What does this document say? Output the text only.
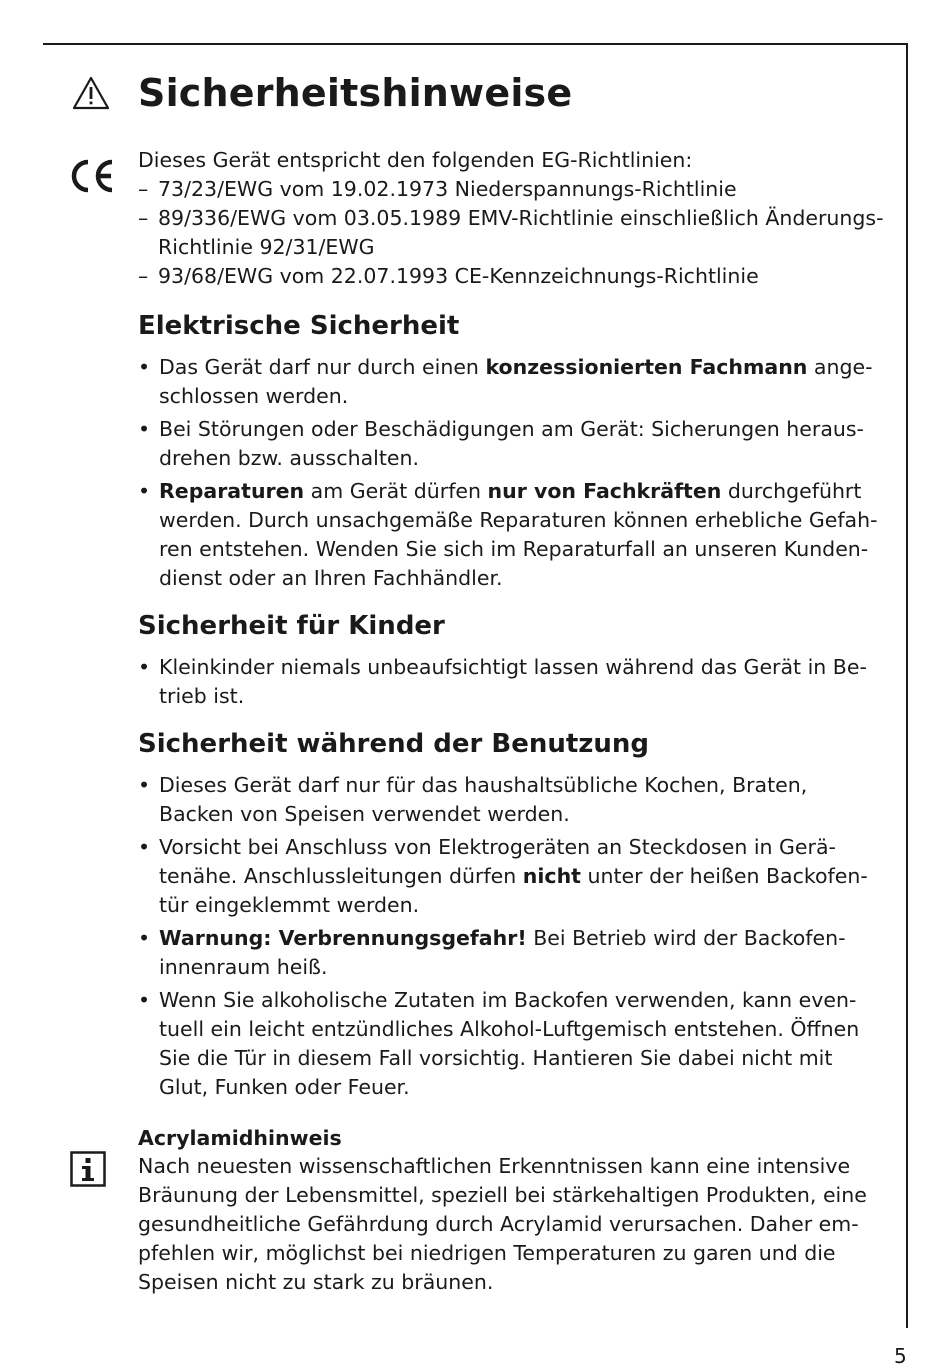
Sicherheitshinweise

Dieses Gerät entspricht den folgenden EG-Richtlinien:

– 73/23/EWG vom 19.02.1973 Niederspannungs-Richtlinie
– 89/336/EWG vom 03.05.1989 EMV-Richtlinie einschließlich Änderungs-Richtlinie 92/31/EWG
– 93/68/EWG vom 22.07.1993 CE-Kennzeichnungs-Richtlinie
Elektrische Sicherheit
• Das Gerät darf nur durch einen konzessionierten Fachmann ange-schlossen werden.
• Bei Störungen oder Beschädigungen am Gerät: Sicherungen heraus-drehen bzw. ausschalten.
• Reparaturen am Gerät dürfen nur von Fachkräften durchgeführt werden. Durch unsachgemäße Reparaturen können erhebliche Gefah-ren entstehen. Wenden Sie sich im Reparaturfall an unseren Kunden-dienst oder an Ihren Fachhändler.
Sicherheit für Kinder
• Kleinkinder niemals unbeaufsichtigt lassen während das Gerät in Be-trieb ist.
Sicherheit während der Benutzung
• Dieses Gerät darf nur für das haushaltsübliche Kochen, Braten, Backen von Speisen verwendet werden.
• Vorsicht bei Anschluss von Elektrogeräten an Steckdosen in Gerä-tenähe. Anschlussleitungen dürfen nicht unter der heißen Backofen-tür eingeklemmt werden.
• Warnung: Verbrennungsgefahr! Bei Betrieb wird der Backofen-innenraum heiß.
• Wenn Sie alkoholische Zutaten im Backofen verwenden, kann even-tuell ein leicht entzündliches Alkohol-Luftgemisch entstehen. Öffnen Sie die Tür in diesem Fall vorsichtig. Hantieren Sie dabei nicht mit Glut, Funken oder Feuer.
Acrylamidhinweis

Nach neuesten wissenschaftlichen Erkenntnissen kann eine intensive Bräunung der Lebensmittel, speziell bei stärkehaltigen Produkten, eine gesundheitliche Gefährdung durch Acrylamid verursachen. Daher em-pfehlen wir, möglichst bei niedrigen Temperaturen zu garen und die Speisen nicht zu stark zu bräunen.

5
